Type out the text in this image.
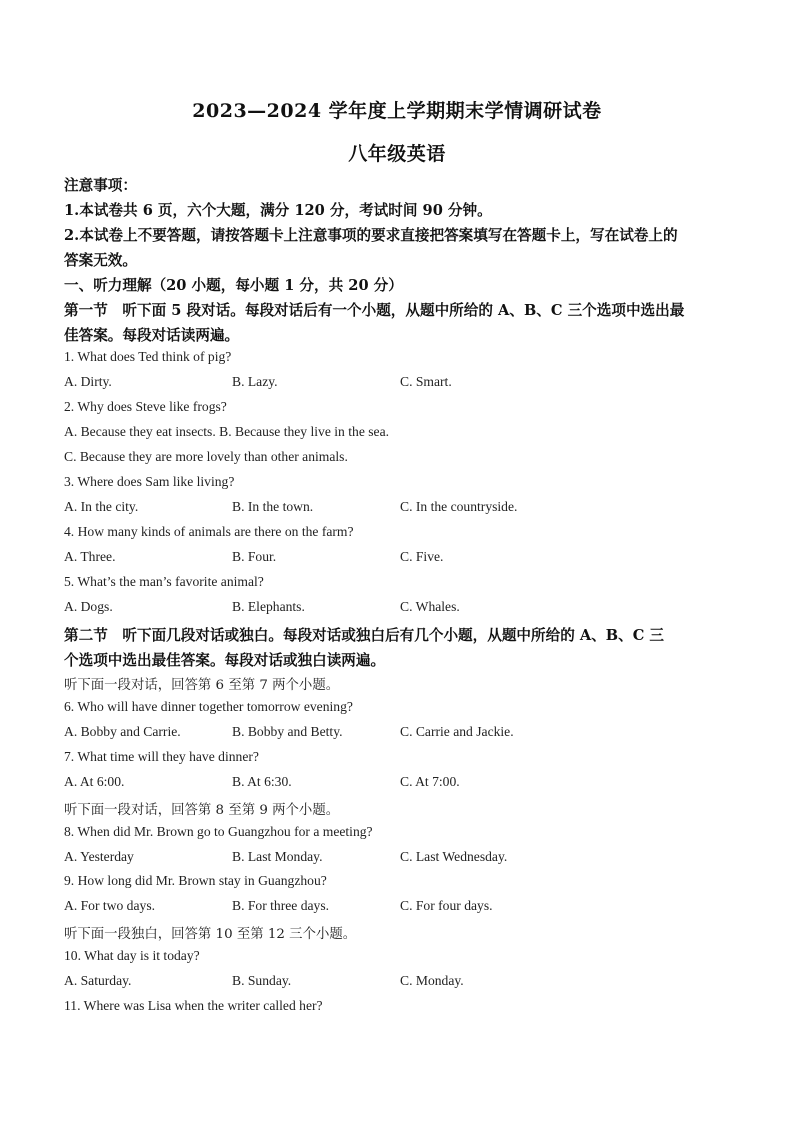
2023—2024 学年度上学期期末学情调研试卷
八年级英语
注意事项：
1.本试卷共 6 页，六个大题，满分 120 分，考试时间 90 分钟。
2.本试卷上不要答题，请按答题卡上注意事项的要求直接把答案填写在答题卡上，写在试卷上的
答案无效。
一、听力理解（20 小题，每小题 1 分，共 20 分）
第一节　听下面 5 段对话。每段对话后有一个小题，从题中所给的 A、B、C 三个选项中选出最
佳答案。每段对话读两遍。
1. What does Ted think of pig?
A. Dirty.	B. Lazy.	C. Smart.
2. Why does Steve like frogs?
A. Because they eat insects. B. Because they live in the sea.
C. Because they are more lovely than other animals.
3. Where does Sam like living?
A. In the city.	B. In the town.	C. In the countryside.
4. How many kinds of animals are there on the farm?
A. Three.	B. Four.	C. Five.
5. What’s the man’s favorite animal?
A. Dogs.	B. Elephants.	C. Whales.
第二节　听下面几段对话或独白。每段对话或独白后有几个小题，从题中所给的 A、B、C 三
个选项中选出最佳答案。每段对话或独白读两遍。
听下面一段对话，回答第 6 至第 7 两个小题。
6. Who will have dinner together tomorrow evening?
A. Bobby and Carrie.	B. Bobby and Betty.	C. Carrie and Jackie.
7. What time will they have dinner?
A. At 6:00.	B. At 6:30.	C. At 7:00.
听下面一段对话，回答第 8 至第 9 两个小题。
8. When did Mr. Brown go to Guangzhou for a meeting?
A. Yesterday	B. Last Monday.	C. Last Wednesday.
9. How long did Mr. Brown stay in Guangzhou?
A. For two days.	B. For three days.	C. For four days.
听下面一段独白，回答第 10 至第 12 三个小题。
10. What day is it today?
A. Saturday.	B. Sunday.	C. Monday.
11. Where was Lisa when the writer called her?
